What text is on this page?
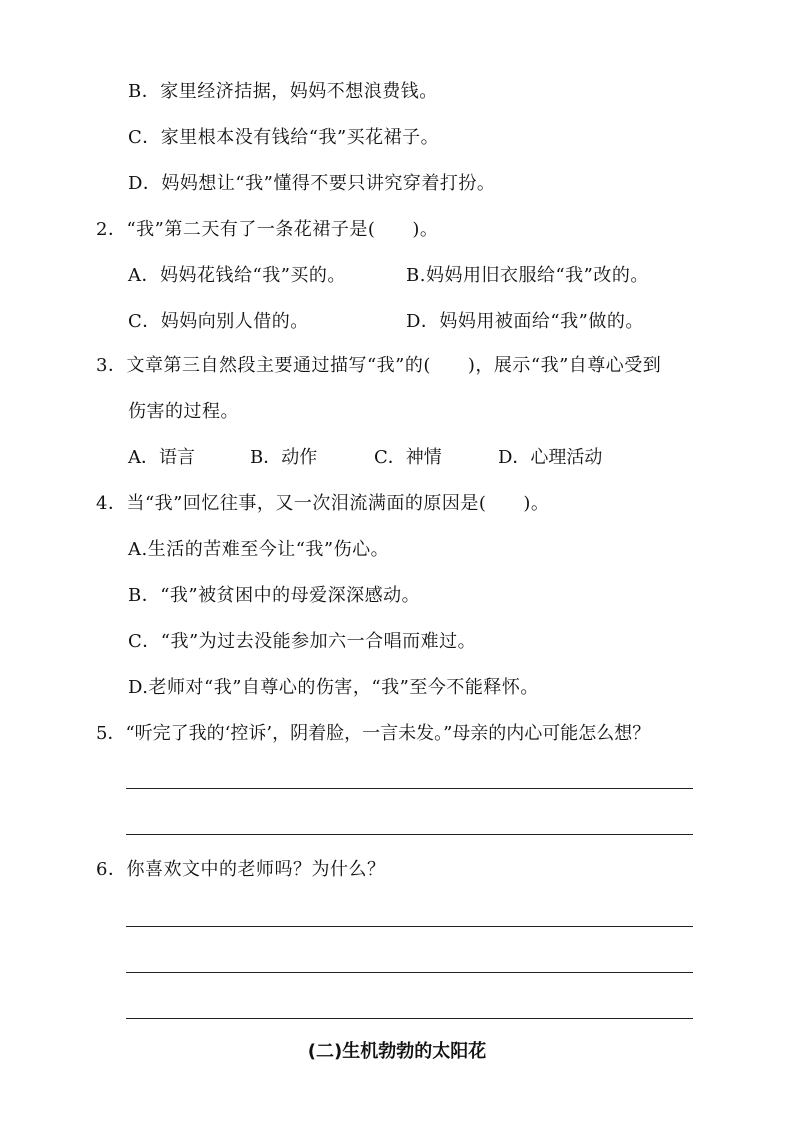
B．家里经济拮据，妈妈不想浪费钱。
C．家里根本没有钱给“我”买花裙子。
D．妈妈想让“我”懂得不要只讲究穿着打扮。
2．“我”第二天有了一条花裙子是(　　)。
A．妈妈花钱给“我”买的。	B.妈妈用旧衣服给“我”改的。
C．妈妈向别人借的。	D．妈妈用被面给“我”做的。
3．文章第三自然段主要通过描写“我”的(　　)，展示“我”自尊心受到
伤害的过程。

A．语言

	B．动作

	C．神情

	D．心理活动

4．当“我”回忆往事，又一次泪流满面的原因是(　　)。
A.生活的苦难至今让“我”伤心。
B．“我”被贫困中的母爱深深感动。
C．“我”为过去没能参加六一合唱而难过。
D.老师对“我”自尊心的伤害，“我”至今不能释怀。
5．“听完了我的‘控诉’，阴着脸，一言未发。”母亲的内心可能怎么想？
6．你喜欢文中的老师吗？为什么？
(二)生机勃勃的太阳花
